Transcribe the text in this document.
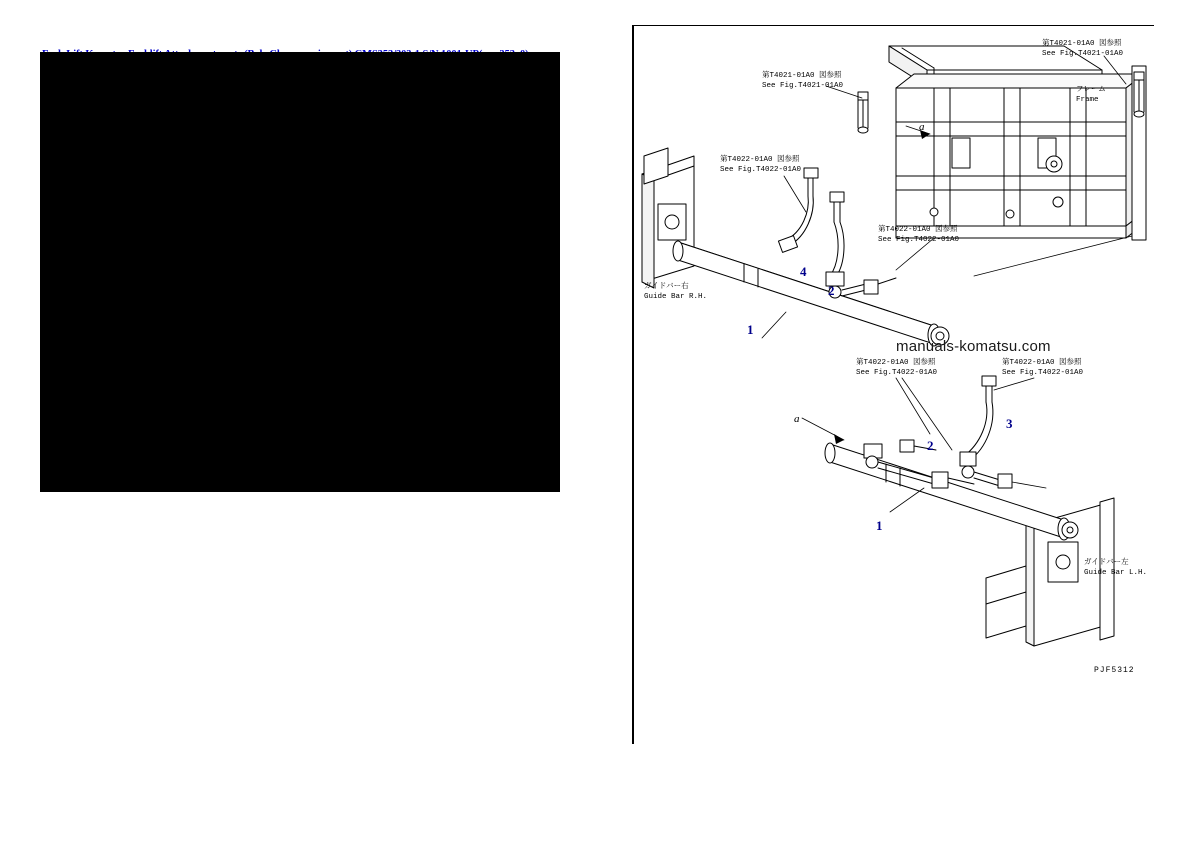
第T4021-01A0 図参照
See Fig.T4021-01A0
第T4021-01A0 図参照
See Fig.T4021-01A0
フレーム
Frame
第T4022-01A0 図参照
See Fig.T4022-01A0
第T4022-01A0 図参照
See Fig.T4022-01A0
ガイドバー右
Guide Bar R.H.
第T4022-01A0 図参照
See Fig.T4022-01A0
第T4022-01A0 図参照
See Fig.T4022-01A0
ガイドバー左
Guide Bar L.H.
4
2
1
2
3
1
a
a
manuals-komatsu.com
PJF5312
